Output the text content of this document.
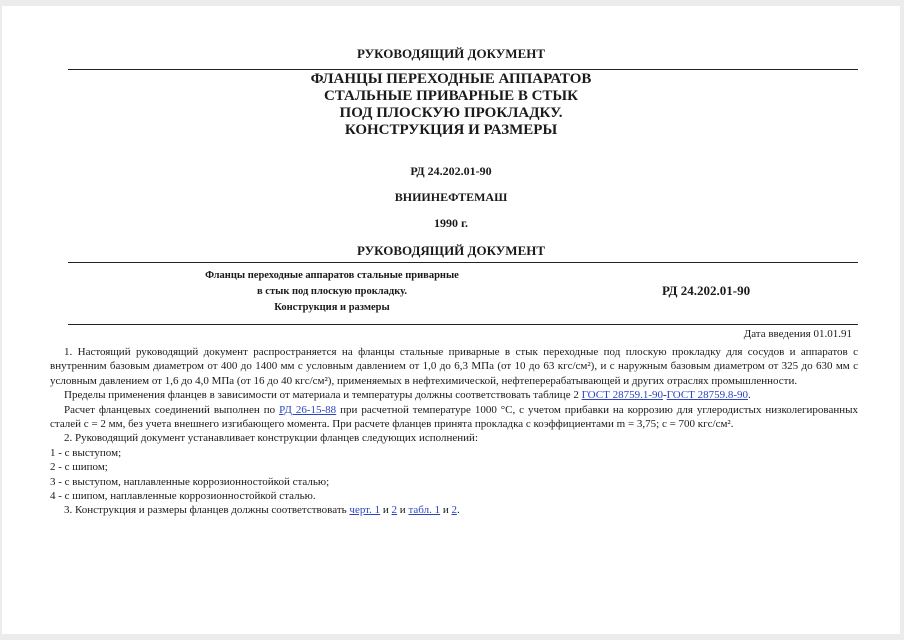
РУКОВОДЯЩИЙ ДОКУМЕНТ
ФЛАНЦЫ ПЕРЕХОДНЫЕ АППАРАТОВ
СТАЛЬНЫЕ ПРИВАРНЫЕ В СТЫК
ПОД ПЛОСКУЮ ПРОКЛАДКУ.
КОНСТРУКЦИЯ И РАЗМЕРЫ
РД 24.202.01-90
ВНИИНЕФТЕМАШ
1990 г.
РУКОВОДЯЩИЙ ДОКУМЕНТ
Фланцы переходные аппаратов стальные приварные
в стык под плоскую прокладку.
Конструкция и размеры
РД 24.202.01-90
Дата введения 01.01.91

1. Настоящий руководящий документ распространяется на фланцы стальные приварные в стык переходные под плоскую прокладку для сосудов и аппаратов с внутренним базовым диаметром от 400 до 1400 мм с условным давлением от 1,0 до 6,3 МПа (от 10 до 63 кгс/см²), и с наружным базовым диаметром от 325 до 630 мм с условным давлением от 1,6 до 4,0 МПа (от 16 до 40 кгс/см²), применяемых в нефтехимической, нефтеперерабатывающей и других отраслях промышленности.

Пределы применения фланцев в зависимости от материала и температуры должны соответствовать таблице 2 ГОСТ 28759.1-90-ГОСТ 28759.8-90.

Расчет фланцевых соединений выполнен по РД 26-15-88 при расчетной температуре 1000 °С, с учетом прибавки на коррозию для углеродистых низколегированных сталей с = 2 мм, без учета внешнего изгибающего момента. При расчете фланцев принята прокладка с коэффициентами m = 3,75; c = 700 кгс/см².

2. Руководящий документ устанавливает конструкции фланцев следующих исполнений:

1 - с выступом;

2 - с шипом;

3 - с выступом, наплавленные коррозионностойкой сталью;

4 - с шипом, наплавленные коррозионностойкой сталью.

3. Конструкция и размеры фланцев должны соответствовать черт. 1 и 2 и табл. 1 и 2.
